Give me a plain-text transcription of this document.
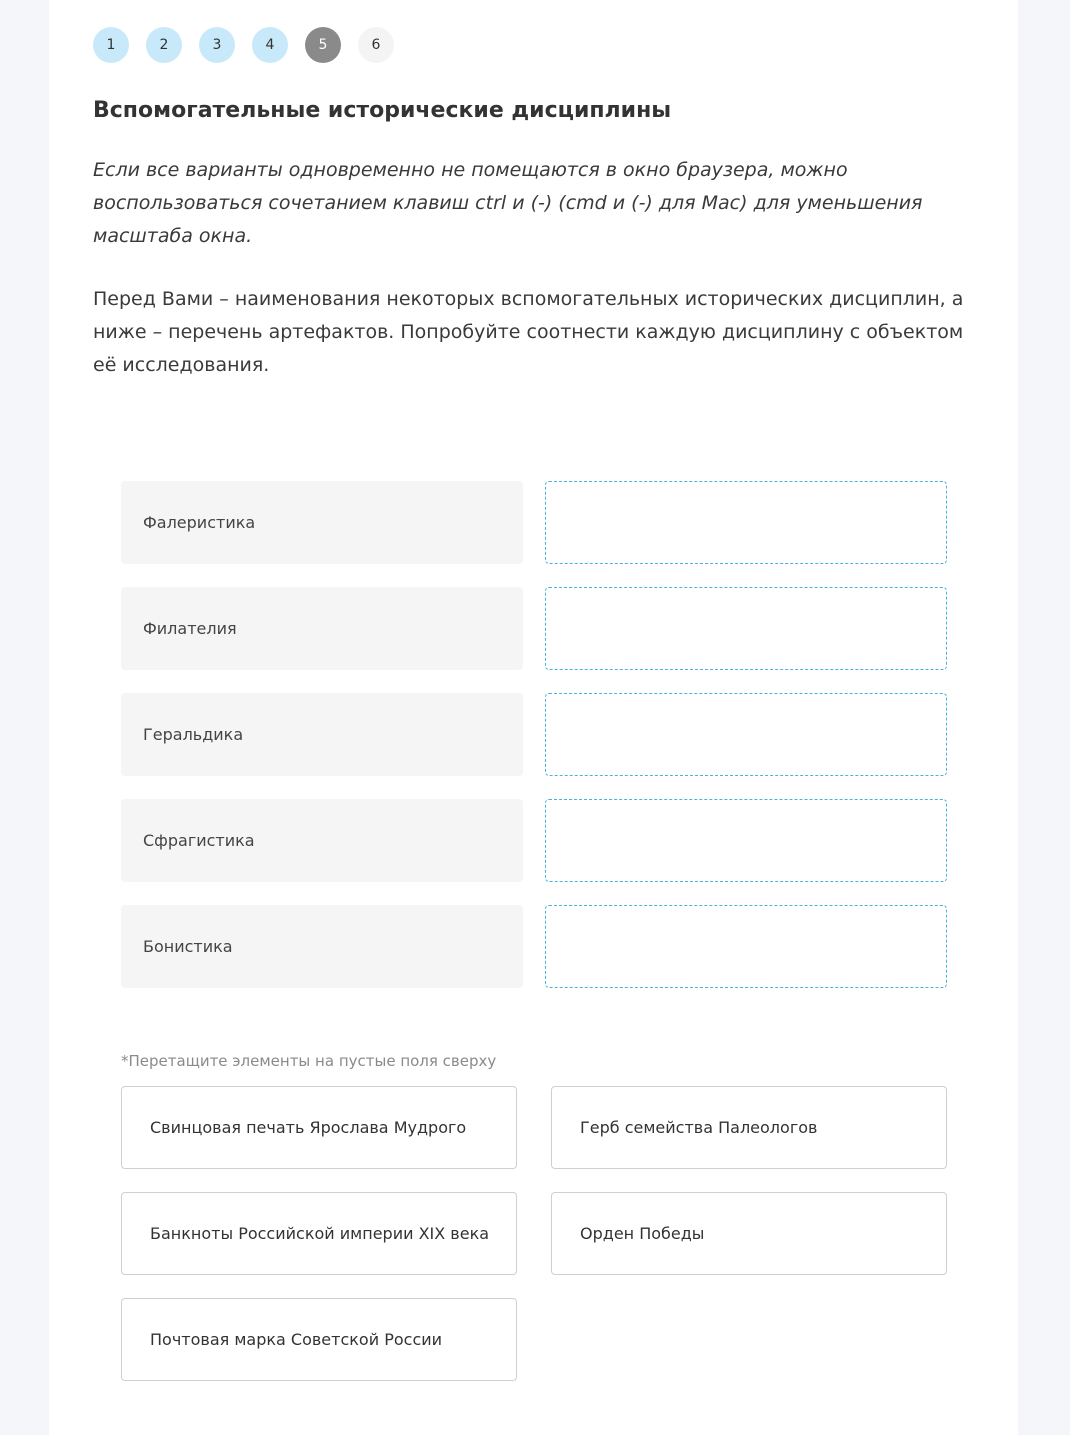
1	2	3	4	5	6
Вспомогательные исторические дисциплины

Если все варианты одновременно не помещаются в окно браузера, можно воспользоваться сочетанием клавиш ctrl и (-) (cmd и (-) для Mac) для уменьшения масштаба окна.

Перед Вами – наименования некоторых вспомогательных исторических дисциплин, а ниже – перечень артефактов. Попробуйте соотнести каждую дисциплину с объектом её исследования.

Фалеристика
Филателия
Геральдика
Сфрагистика
Бонистика
*Перетащите элементы на пустые поля сверху
Свинцовая печать Ярослава Мудрого	Герб семейства Палеологов
Банкноты Российской империи XIX века	Орден Победы
Почтовая марка Советской России
